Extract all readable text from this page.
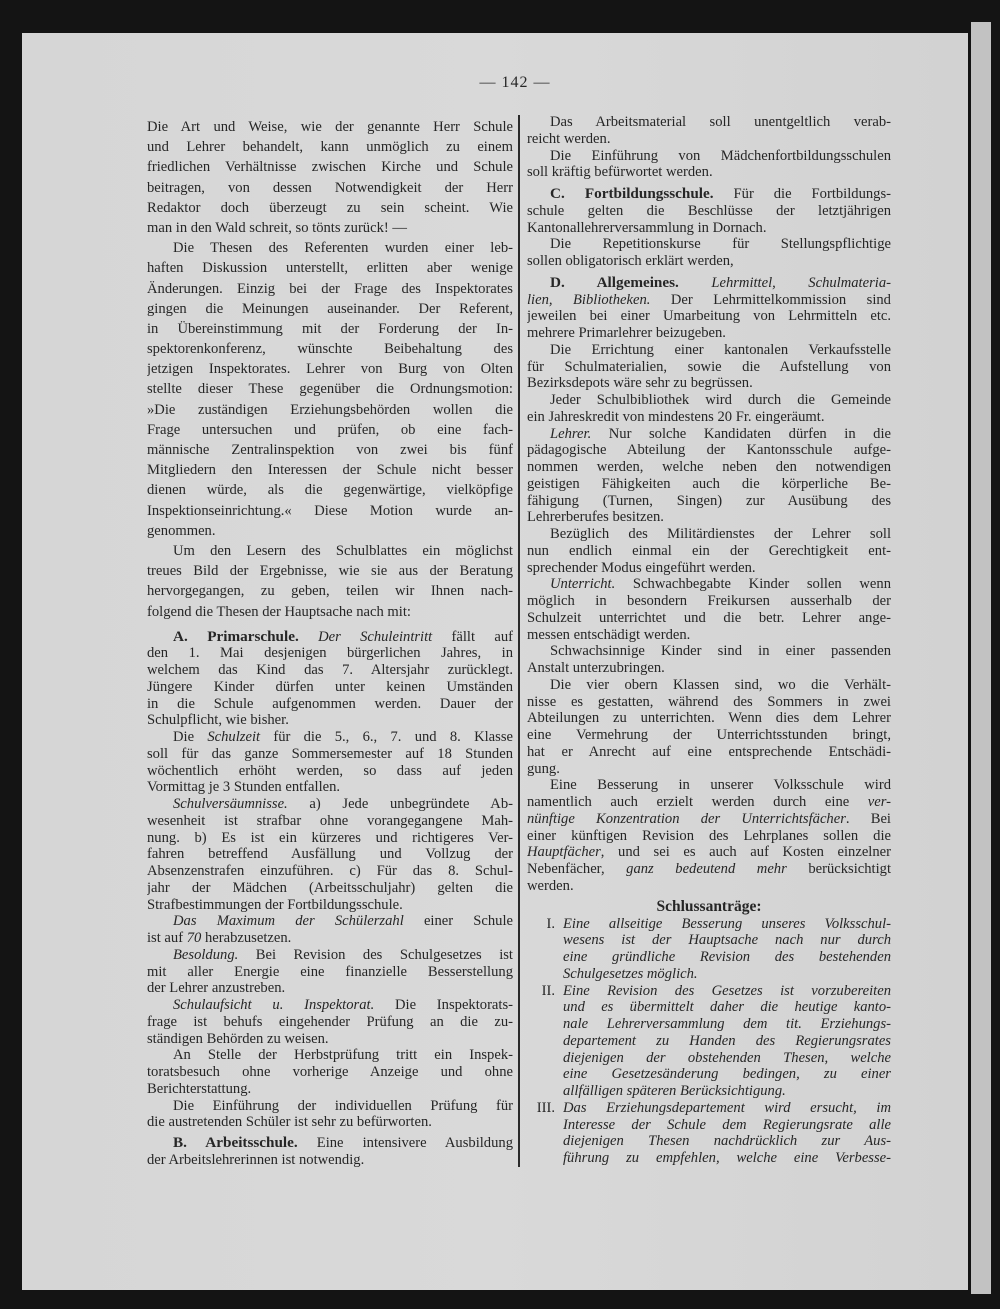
— 142 —
Die Art und Weise, wie der genannte Herr Schule
und Lehrer behandelt, kann unmöglich zu einem
friedlichen Verhältnisse zwischen Kirche und Schule
beitragen, von dessen Notwendigkeit der Herr
Redaktor doch überzeugt zu sein scheint. Wie
man in den Wald schreit, so tönts zurück! —
Die Thesen des Referenten wurden einer leb-
haften Diskussion unterstellt, erlitten aber wenige
Änderungen. Einzig bei der Frage des Inspektorates
gingen die Meinungen auseinander. Der Referent,
in Übereinstimmung mit der Forderung der In-
spektorenkonferenz, wünschte Beibehaltung des
jetzigen Inspektorates. Lehrer von Burg von Olten
stellte dieser These gegenüber die Ordnungsmotion:
»Die zuständigen Erziehungsbehörden wollen die
Frage untersuchen und prüfen, ob eine fach-
männische Zentralinspektion von zwei bis fünf
Mitgliedern den Interessen der Schule nicht besser
dienen würde, als die gegenwärtige, vielköpfige
Inspektionseinrichtung.« Diese Motion wurde an-
genommen.
Um den Lesern des Schulblattes ein möglichst
treues Bild der Ergebnisse, wie sie aus der Beratung
hervorgegangen, zu geben, teilen wir Ihnen nach-
folgend die Thesen der Hauptsache nach mit:
A. Primarschule. Der Schuleintritt fällt auf
den 1. Mai desjenigen bürgerlichen Jahres, in
welchem das Kind das 7. Altersjahr zurücklegt.
Jüngere Kinder dürfen unter keinen Umständen
in die Schule aufgenommen werden. Dauer der
Schulpflicht, wie bisher.
Die Schulzeit für die 5., 6., 7. und 8. Klasse
soll für das ganze Sommersemester auf 18 Stunden
wöchentlich erhöht werden, so dass auf jeden
Vormittag je 3 Stunden entfallen.
Schulversäumnisse. a) Jede unbegründete Ab-
wesenheit ist strafbar ohne vorangegangene Mah-
nung. b) Es ist ein kürzeres und richtigeres Ver-
fahren betreffend Ausfällung und Vollzug der
Absenzenstrafen einzuführen. c) Für das 8. Schul-
jahr der Mädchen (Arbeitsschuljahr) gelten die
Strafbestimmungen der Fortbildungsschule.
Das Maximum der Schülerzahl einer Schule
ist auf 70 herabzusetzen.
Besoldung. Bei Revision des Schulgesetzes ist
mit aller Energie eine finanzielle Besserstellung
der Lehrer anzustreben.
Schulaufsicht u. Inspektorat. Die Inspektorats-
frage ist behufs eingehender Prüfung an die zu-
ständigen Behörden zu weisen.
An Stelle der Herbstprüfung tritt ein Inspek-
toratsbesuch ohne vorherige Anzeige und ohne
Berichterstattung.
Die Einführung der individuellen Prüfung für
die austretenden Schüler ist sehr zu befürworten.
B. Arbeitsschule. Eine intensivere Ausbildung
der Arbeitslehrerinnen ist notwendig.
Das Arbeitsmaterial soll unentgeltlich verab-
reicht werden.
Die Einführung von Mädchenfortbildungsschulen
soll kräftig befürwortet werden.
C. Fortbildungsschule. Für die Fortbildungs-
schule gelten die Beschlüsse der letztjährigen
Kantonallehrerversammlung in Dornach.
Die Repetitionskurse für Stellungspflichtige
sollen obligatorisch erklärt werden,
D. Allgemeines. Lehrmittel, Schulmateria-
lien, Bibliotheken. Der Lehrmittelkommission sind
jeweilen bei einer Umarbeitung von Lehrmitteln etc.
mehrere Primarlehrer beizugeben.
Die Errichtung einer kantonalen Verkaufsstelle
für Schulmaterialien, sowie die Aufstellung von
Bezirksdepots wäre sehr zu begrüssen.
Jeder Schulbibliothek wird durch die Gemeinde
ein Jahreskredit von mindestens 20 Fr. eingeräumt.
Lehrer. Nur solche Kandidaten dürfen in die
pädagogische Abteilung der Kantonsschule aufge-
nommen werden, welche neben den notwendigen
geistigen Fähigkeiten auch die körperliche Be-
fähigung (Turnen, Singen) zur Ausübung des
Lehrerberufes besitzen.
Bezüglich des Militärdienstes der Lehrer soll
nun endlich einmal ein der Gerechtigkeit ent-
sprechender Modus eingeführt werden.
Unterricht. Schwachbegabte Kinder sollen wenn
möglich in besondern Freikursen ausserhalb der
Schulzeit unterrichtet und die betr. Lehrer ange-
messen entschädigt werden.
Schwachsinnige Kinder sind in einer passenden
Anstalt unterzubringen.
Die vier obern Klassen sind, wo die Verhält-
nisse es gestatten, während des Sommers in zwei
Abteilungen zu unterrichten. Wenn dies dem Lehrer
eine Vermehrung der Unterrichtsstunden bringt,
hat er Anrecht auf eine entsprechende Entschädi-
gung.
Eine Besserung in unserer Volksschule wird
namentlich auch erzielt werden durch eine ver-
nünftige Konzentration der Unterrichtsfächer. Bei
einer künftigen Revision des Lehrplanes sollen die
Hauptfächer, und sei es auch auf Kosten einzelner
Nebenfächer, ganz bedeutend mehr berücksichtigt
werden.
Schlussanträge:
I. Eine allseitige Besserung unseres Volksschul-
wesens ist der Hauptsache nach nur durch
eine gründliche Revision des bestehenden
Schulgesetzes möglich.
II. Eine Revision des Gesetzes ist vorzubereiten
und es übermittelt daher die heutige kanto-
nale Lehrerversammlung dem tit. Erziehungs-
departement zu Handen des Regierungsrates
diejenigen der obstehenden Thesen, welche
eine Gesetzesänderung bedingen, zu einer
allfälligen späteren Berücksichtigung.
III. Das Erziehungsdepartement wird ersucht, im
Interesse der Schule dem Regierungsrate alle
diejenigen Thesen nachdrücklich zur Aus-
führung zu empfehlen, welche eine Verbesse-
